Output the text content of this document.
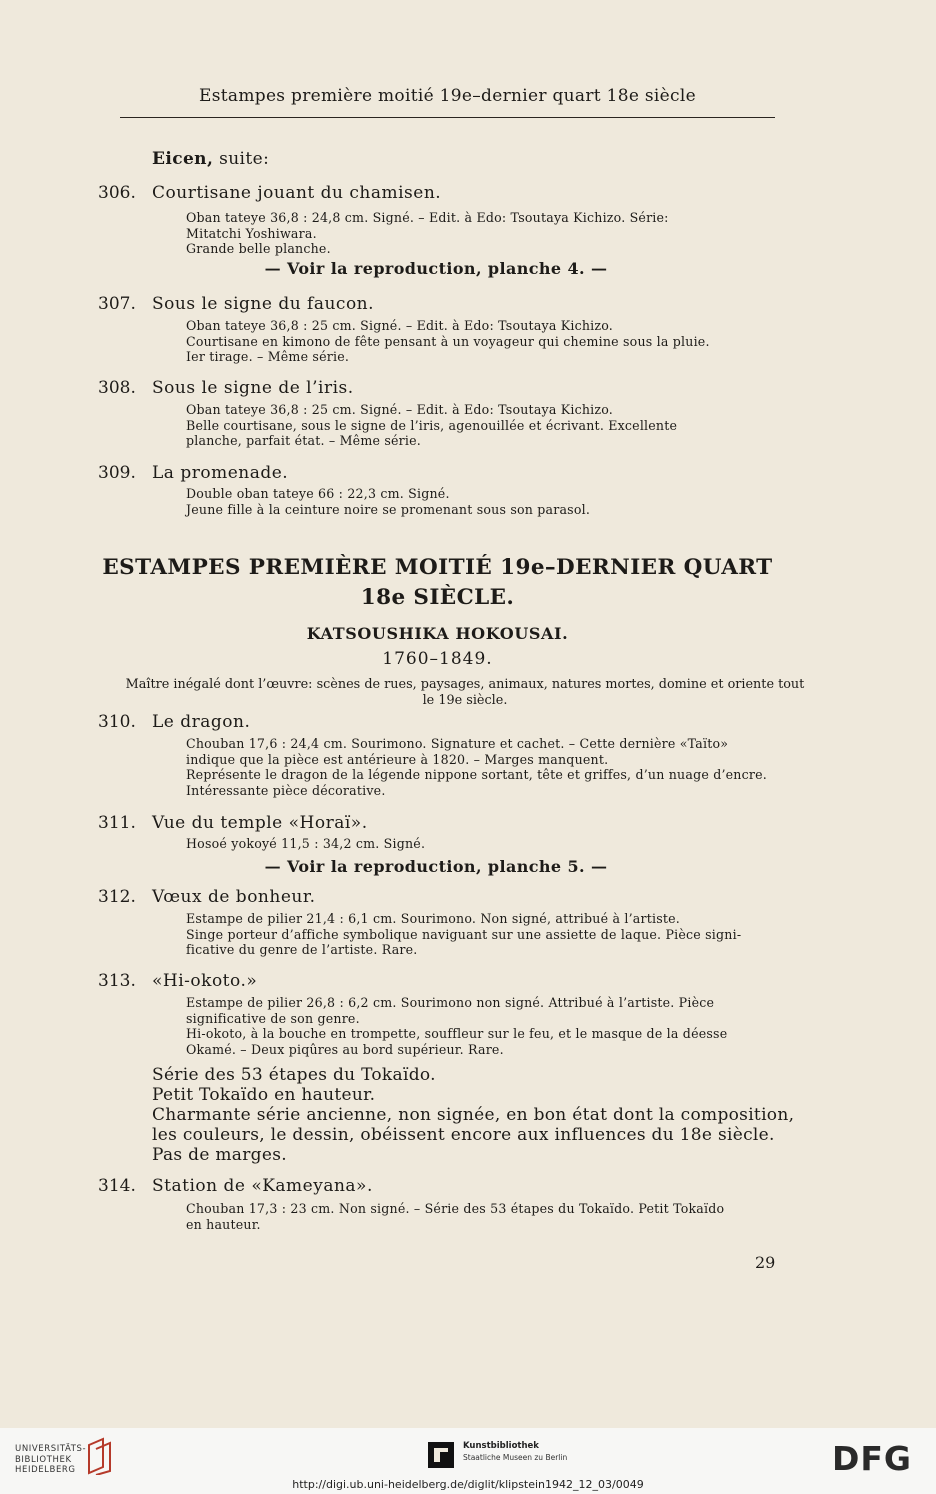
Estampes première moitié 19e–dernier quart 18e siècle
Eicen, suite:
306. Courtisane jouant du chamisen.
Oban tateye 36,8 : 24,8 cm. Signé. – Edit. à Edo: Tsoutaya Kichizo. Série:
Mitatchi Yoshiwara.
Grande belle planche.
— Voir la reproduction, planche 4. —
307. Sous le signe du faucon.
Oban tateye 36,8 : 25 cm. Signé. – Edit. à Edo: Tsoutaya Kichizo.
Courtisane en kimono de fête pensant à un voyageur qui chemine sous la pluie.
Ier tirage. – Même série.
308. Sous le signe de l’iris.
Oban tateye 36,8 : 25 cm. Signé. – Edit. à Edo: Tsoutaya Kichizo.
Belle courtisane, sous le signe de l’iris, agenouillée et écrivant. Excellente
planche, parfait état. – Même série.
309. La promenade.
Double oban tateye 66 : 22,3 cm. Signé.
Jeune fille à la ceinture noire se promenant sous son parasol.
ESTAMPES PREMIÈRE MOITIÉ 19e–DERNIER QUART
18e SIÈCLE.
KATSOUSHIKA HOKOUSAI.
1760–1849.
Maître inégalé dont l’œuvre: scènes de rues, paysages, animaux, natures mortes, domine et oriente tout le 19e siècle.
310. Le dragon.
Chouban 17,6 : 24,4 cm. Sourimono. Signature et cachet. – Cette dernière «Taïto»
indique que la pièce est antérieure à 1820. – Marges manquent.
Représente le dragon de la légende nippone sortant, tête et griffes, d’un nuage d’encre.
Intéressante pièce décorative.
311. Vue du temple «Horaï».
Hosoé yokoyé 11,5 : 34,2 cm. Signé.
— Voir la reproduction, planche 5. —
312. Vœux de bonheur.
Estampe de pilier 21,4 : 6,1 cm. Sourimono. Non signé, attribué à l’artiste.
Singe porteur d’affiche symbolique naviguant sur une assiette de laque. Pièce signi-
ficative du genre de l’artiste. Rare.
313. «Hi-okoto.»
Estampe de pilier 26,8 : 6,2 cm. Sourimono non signé. Attribué à l’artiste. Pièce
significative de son genre.
Hi-okoto, à la bouche en trompette, souffleur sur le feu, et le masque de la déesse
Okamé. – Deux piqûres au bord supérieur. Rare.
Série des 53 étapes du Tokaïdo.
Petit Tokaïdo en hauteur.
Charmante série ancienne, non signée, en bon état dont la composition,
les couleurs, le dessin, obéissent encore aux influences du 18e siècle.
Pas de marges.
314. Station de «Kameyana».
Chouban 17,3 : 23 cm. Non signé. – Série des 53 étapes du Tokaïdo. Petit Tokaïdo
en hauteur.
29
UNIVERSITÄTS-
BIBLIOTHEK
HEIDELBERG
Kunstbibliothek
Staatliche Museen zu Berlin	DFG
http://digi.ub.uni-heidelberg.de/diglit/klipstein1942_12_03/0049
